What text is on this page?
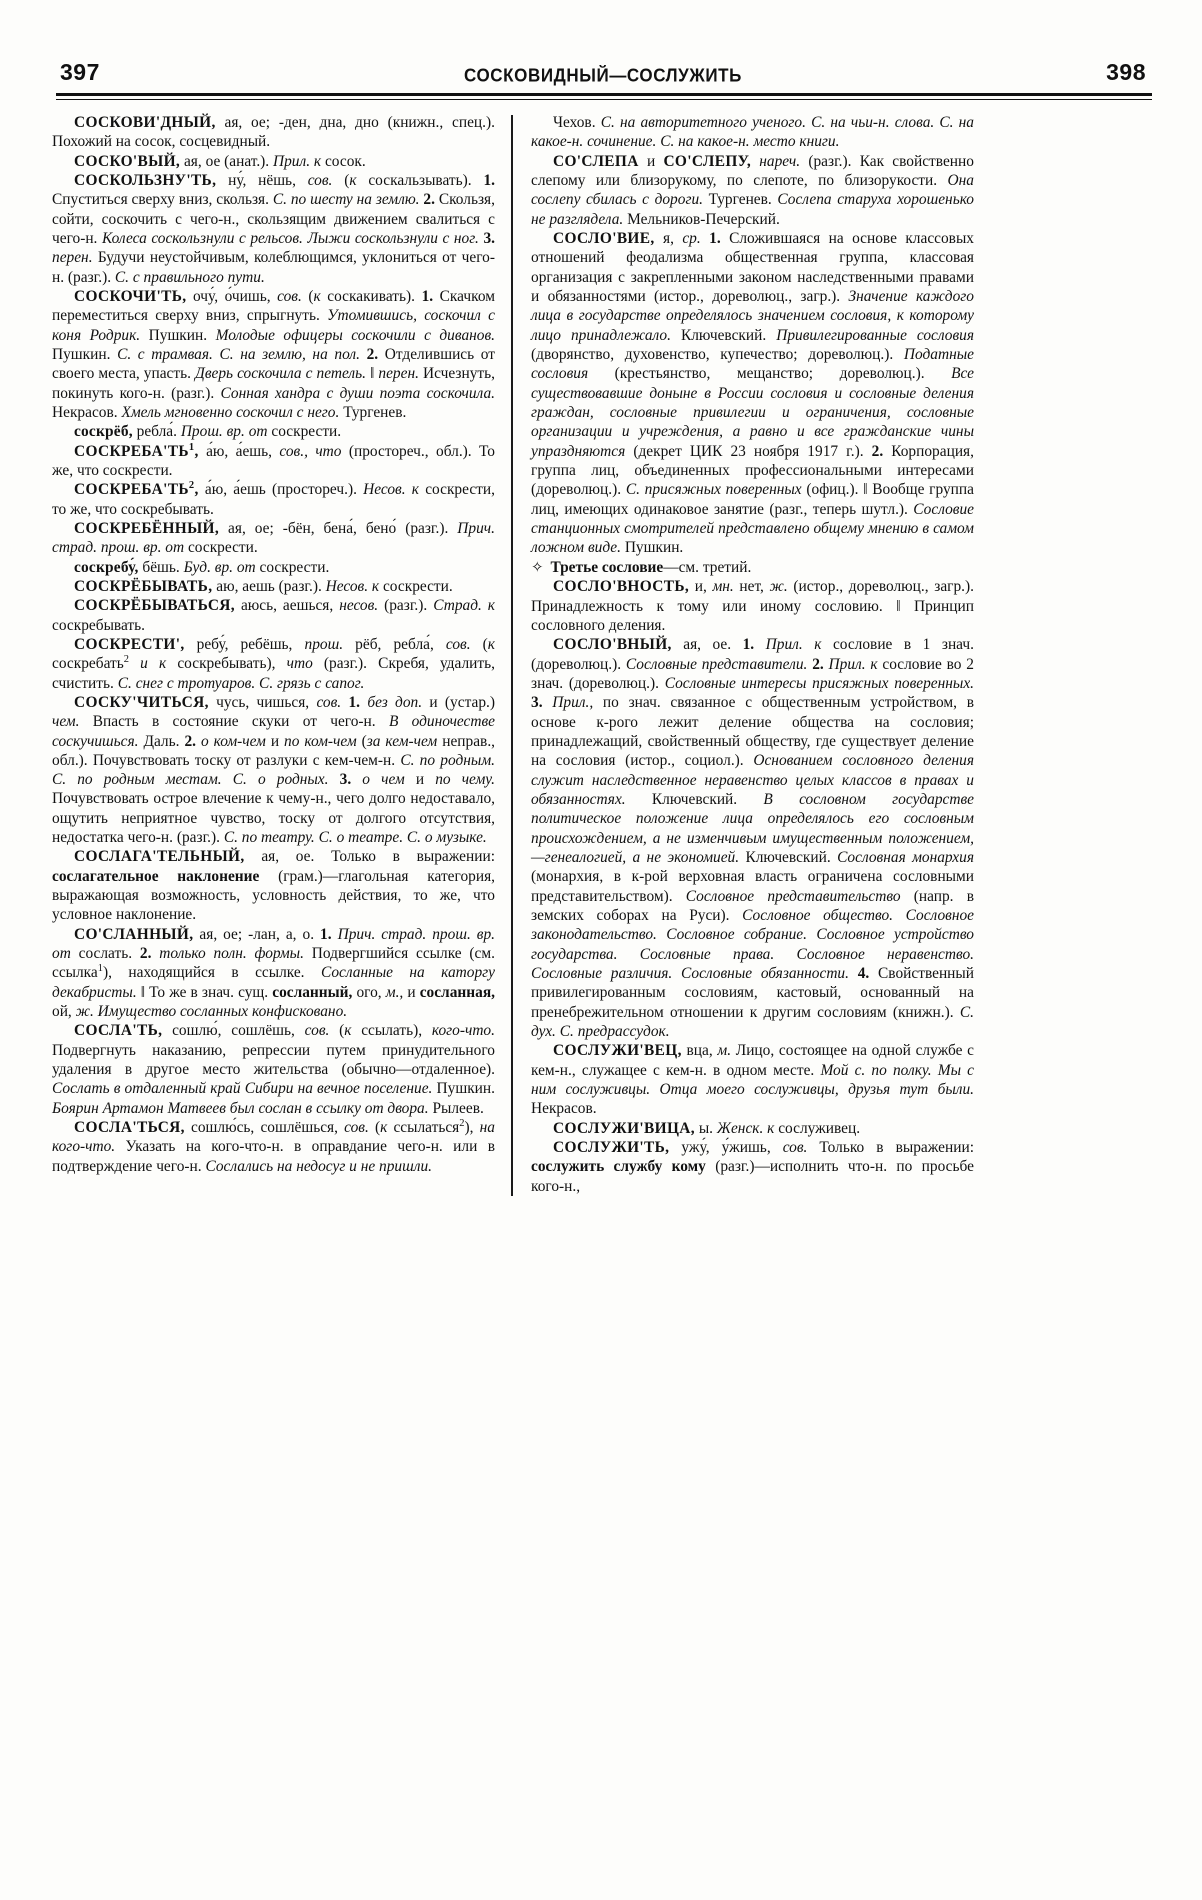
397	СОСКОВИДНЫЙ—СОСЛУЖИТЬ	398

СОСКОВИ'ДНЫЙ, ая, ое; -ден, дна, дно (книжн., спец.). Похожий на сосок, сосцевидный.

СОСКО'ВЫЙ, ая, ое (анат.). Прил. к сосок.

СОСКОЛЬЗНУ'ТЬ, ну́, нёшь, сов. (к соскальзывать). 1. Спуститься сверху вниз, скользя. С. по шесту на землю. 2. Скользя, сойти, соскочить с чего-н., скользящим движением свалиться с чего-н. Колеса соскользнули с рельсов. Лыжи соскользнули с ног. 3. перен. Будучи неустойчивым, колеблющимся, уклониться от чего-н. (разг.). С. с правильного пути.

СОСКОЧИ'ТЬ, очу́, о́чишь, сов. (к соскакивать). 1. Скачком переместиться сверху вниз, спрыгнуть. Утомившись, соскочил с коня Родрик. Пушкин. Молодые офицеры соскочили с диванов. Пушкин. С. с трамвая. С. на землю, на пол. 2. Отделившись от своего места, упасть. Дверь соскочила с петель. ‖ перен. Исчезнуть, покинуть кого-н. (разг.). Сонная хандра с души поэта соскочила. Некрасов. Хмель мгновенно соскочил с него. Тургенев.

соскрёб, ребла́. Прош. вр. от соскрести.

$СОСКРЕБА'ТЬ^1$, а́ю, а́ешь, сов., что (простореч., обл.). То же, что соскрести.

$СОСКРЕБА'ТЬ^2$, а́ю, а́ешь (простореч.). Несов. к соскрести, то же, что соскребывать.

СОСКРЕБЁННЫЙ, ая, ое; -бён, бена́, бено́ (разг.). Прич. страд. прош. вр. от соскрести.

соскребу́, бёшь. Буд. вр. от соскрести.

СОСКРЁБЫВАТЬ, аю, аешь (разг.). Несов. к соскрести.

СОСКРЁБЫВАТЬСЯ, аюсь, аешься, несов. (разг.). Страд. к соскребывать.

СОСКРЕСТИ', ребу́, ребёшь, прош. рёб, ребла́, сов. (к соскребать$^2$ и к соскребывать), что (разг.). Скребя, удалить, счистить. С. снег с тротуаров. С. грязь с сапог.

СОСКУ'ЧИТЬСЯ, чусь, чишься, сов. 1. без доп. и (устар.) чем. Впасть в состояние скуки от чего-н. В одиночестве соскучишься. Даль. 2. о ком-чем и по ком-чем (за кем-чем неправ., обл.). Почувствовать тоску от разлуки с кем-чем-н. С. по родным. С. по родным местам. С. о родных. 3. о чем и по чему. Почувствовать острое влечение к чему-н., чего долго недоставало, ощутить неприятное чувство, тоску от долгого отсутствия, недостатка чего-н. (разг.). С. по театру. С. о театре. С. о музыке.

СОСЛАГА'ТЕЛЬНЫЙ, ая, ое. Только в выражении: сослагательное наклонение (грам.)—глагольная категория, выражающая возможность, условность действия, то же, что условное наклонение.

СО'СЛАННЫЙ, ая, ое; -лан, а, о. 1. Прич. страд. прош. вр. от сослать. 2. только полн. формы. Подвергшийся ссылке (см. ссылка$^1$), находящийся в ссылке. Сосланные на каторгу декабристы. ‖ То же в знач. сущ. сосланный, ого, м., и сосланная, ой, ж. Имущество сосланных конфисковано.

СОСЛА'ТЬ, сошлю́, сошлёшь, сов. (к ссылать), кого-что. Подвергнуть наказанию, репрессии путем принудительного удаления в другое место жительства (обычно—отдаленное). Сослать в отдаленный край Сибири на вечное поселение. Пушкин. Боярин Артамон Матвеев был сослан в ссылку от двора. Рылеев.

СОСЛА'ТЬСЯ, сошлю́сь, сошлёшься, сов. (к ссылаться$^2$), на кого-что. Указать на кого-что-н. в оправдание чего-н. или в подтверждение чего-н. Сослались на недосуг и не пришли.

Чехов. С. на авторитетного ученого. С. на чьи-н. слова. С. на какое-н. сочинение. С. на какое-н. место книги.

СО'СЛЕПА и СО'СЛЕПУ, нареч. (разг.). Как свойственно слепому или близорукому, по слепоте, по близорукости. Она сослепу сбилась с дороги. Тургенев. Сослепа старуха хорошенько не разглядела. Мельников-Печерский.

СОСЛО'ВИЕ, я, ср. 1. Сложившаяся на основе классовых отношений феодализма общественная группа, классовая организация с закрепленными законом наследственными правами и обязанностями (истор., дореволюц., загр.). Значение каждого лица в государстве определялось значением сословия, к которому лицо принадлежало. Ключевский. Привилегированные сословия (дворянство, духовенство, купечество; дореволюц.). Податные сословия (крестьянство, мещанство; дореволюц.). Все существовавшие доныне в России сословия и сословные деления граждан, сословные привилегии и ограничения, сословные организации и учреждения, а равно и все гражданские чины упраздняются (декрет ЦИК 23 ноября 1917 г.). 2. Корпорация, группа лиц, объединенных профессиональными интересами (дореволюц.). С. присяжных поверенных (офиц.). ‖ Вообще группа лиц, имеющих одинаковое занятие (разг., теперь шутл.). Сословие станционных смотрителей представлено общему мнению в самом ложном виде. Пушкин.

✧ Третье сословие—см. третий.

СОСЛО'ВНОСТЬ, и, мн. нет, ж. (истор., дореволюц., загр.). Принадлежность к тому или иному сословию. ‖ Принцип сословного деления.

СОСЛО'ВНЫЙ, ая, ое. 1. Прил. к сословие в 1 знач. (дореволюц.). Сословные представители. 2. Прил. к сословие во 2 знач. (дореволюц.). Сословные интересы присяжных поверенных. 3. Прил., по знач. связанное с общественным устройством, в основе к-рого лежит деление общества на сословия; принадлежащий, свойственный обществу, где существует деление на сословия (истор., социол.). Основанием сословного деления служит наследственное неравенство целых классов в правах и обязанностях. Ключевский. В сословном государстве политическое положение лица определялось его сословным происхождением, а не изменчивым имущественным положением,—генеалогией, а не экономией. Ключевский. Сословная монархия (монархия, в к-рой верховная власть ограничена сословными представительством). Сословное представительство (напр. в земских соборах на Руси). Сословное общество. Сословное законодательство. Сословное собрание. Сословное устройство государства. Сословные права. Сословное неравенство. Сословные различия. Сословные обязанности. 4. Свойственный привилегированным сословиям, кастовый, основанный на пренебрежительном отношении к другим сословиям (книжн.). С. дух. С. предрассудок.

СОСЛУЖИ'ВЕЦ, вца, м. Лицо, состоящее на одной службе с кем-н., служащее с кем-н. в одном месте. Мой с. по полку. Мы с ним сослуживцы. Отца моего сослуживцы, друзья тут были. Некрасов.

СОСЛУЖИ'ВИЦА, ы. Женск. к сослуживец.

СОСЛУЖИ'ТЬ, ужу́, у́жишь, сов. Только в выражении: сослужить службу кому (разг.)—исполнить что-н. по просьбе кого-н.,
